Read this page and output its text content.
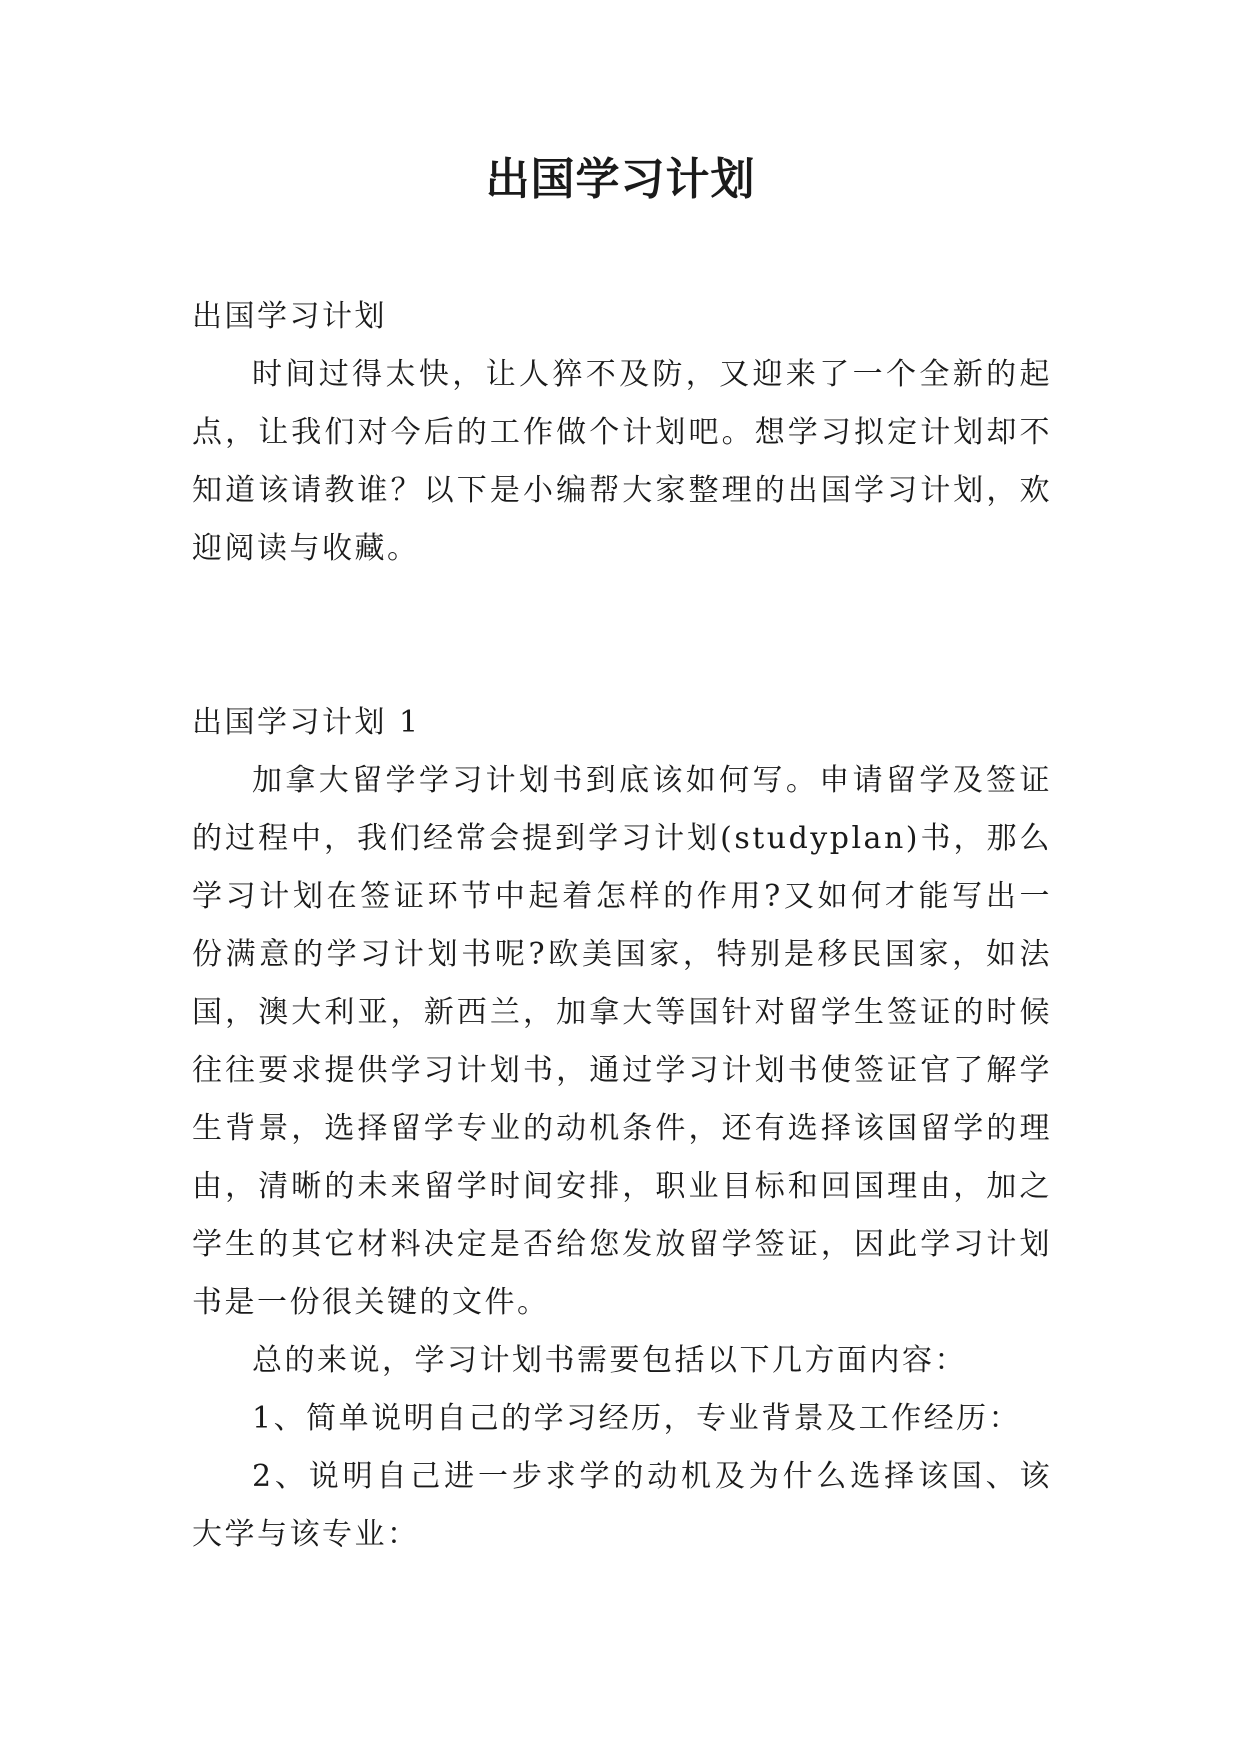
出国学习计划

出国学习计划

时间过得太快，让人猝不及防，又迎来了一个全新的起点，让我们对今后的工作做个计划吧。想学习拟定计划却不知道该请教谁？以下是小编帮大家整理的出国学习计划，欢迎阅读与收藏。

出国学习计划 1

加拿大留学学习计划书到底该如何写。申请留学及签证的过程中，我们经常会提到学习计划(studyplan)书，那么学习计划在签证环节中起着怎样的作用?又如何才能写出一份满意的学习计划书呢?欧美国家，特别是移民国家，如法国，澳大利亚，新西兰，加拿大等国针对留学生签证的时候往往要求提供学习计划书，通过学习计划书使签证官了解学生背景，选择留学专业的动机条件，还有选择该国留学的理由，清晰的未来留学时间安排，职业目标和回国理由，加之学生的其它材料决定是否给您发放留学签证，因此学习计划书是一份很关键的文件。

总的来说，学习计划书需要包括以下几方面内容：

1、简单说明自己的学习经历，专业背景及工作经历：

2、说明自己进一步求学的动机及为什么选择该国、该大学与该专业：
